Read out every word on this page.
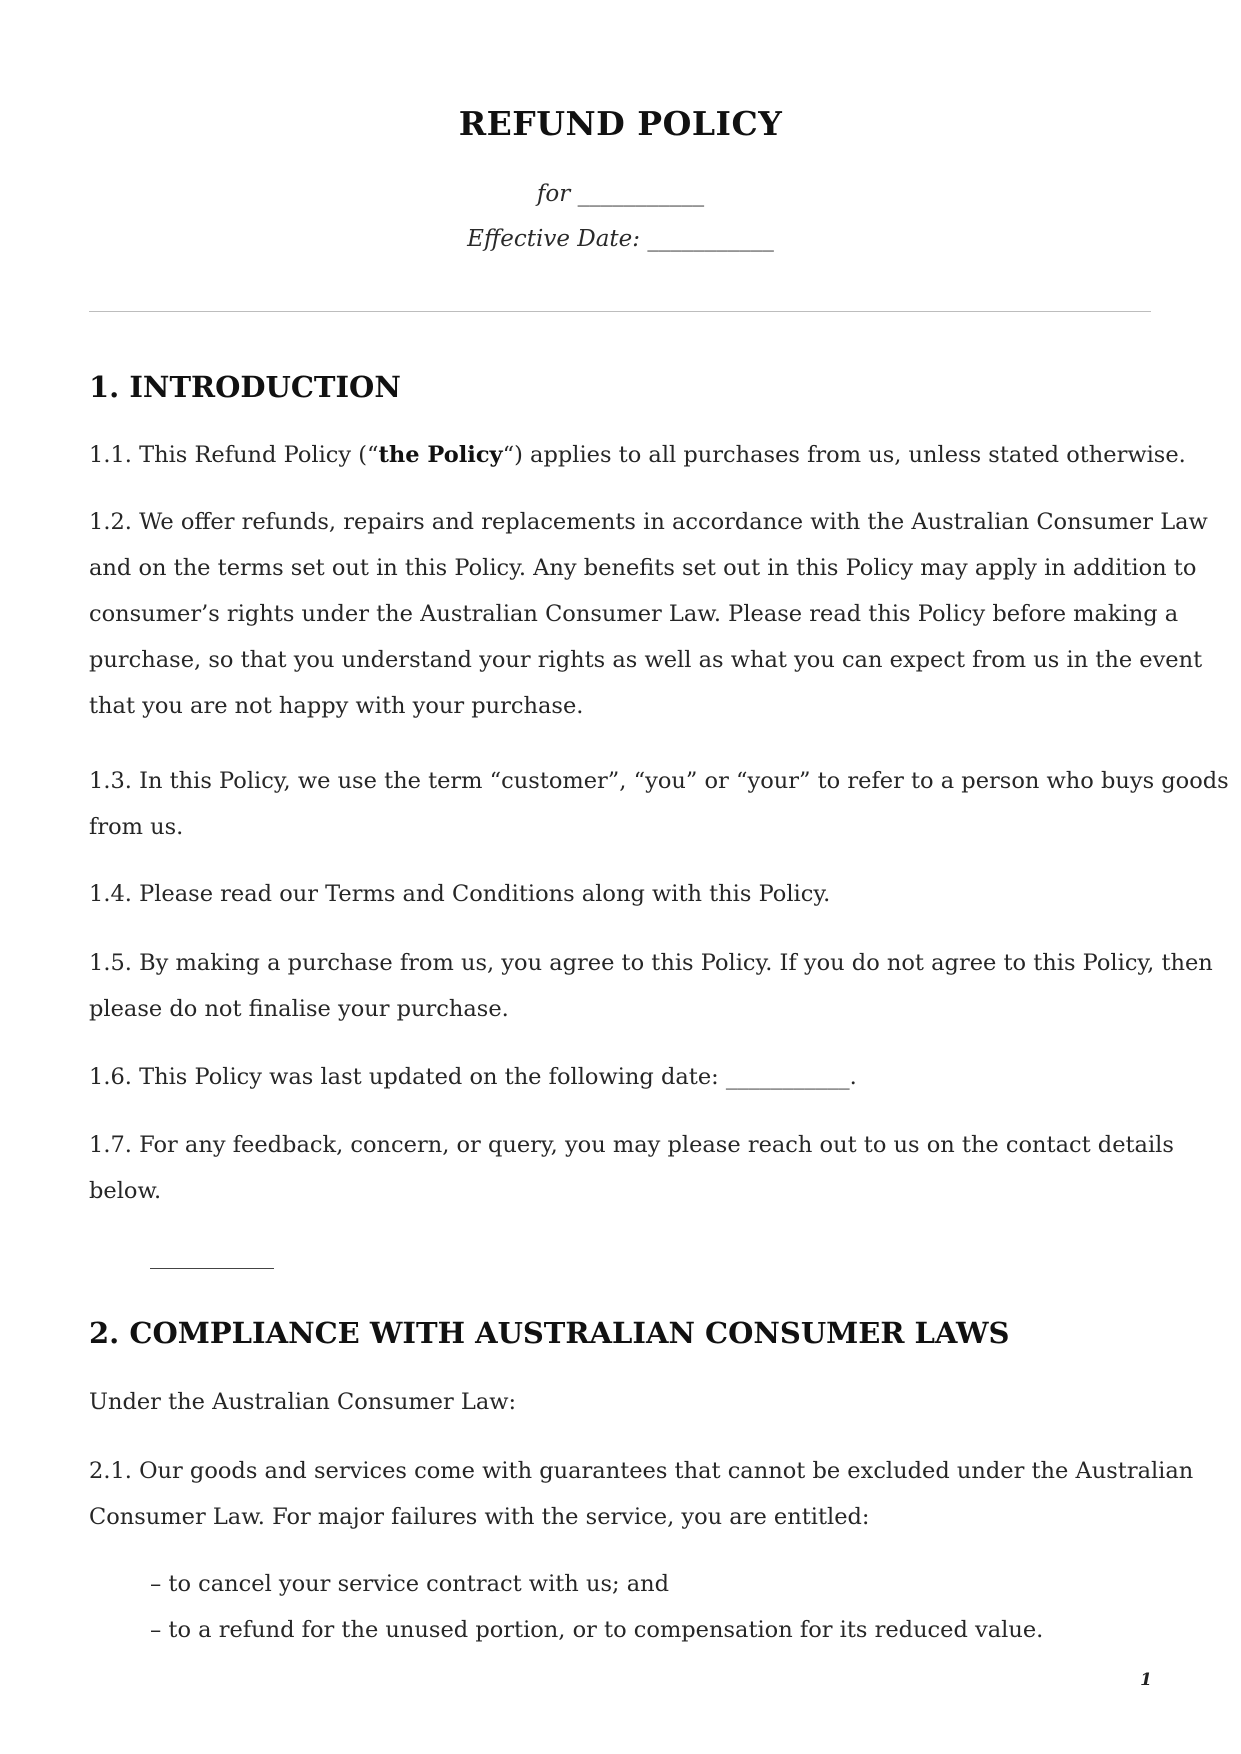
REFUND POLICY
for ___________
Effective Date: ___________
1. INTRODUCTION
1.1. This Refund Policy (“the Policy“) applies to all purchases from us, unless stated otherwise.
1.2. We offer refunds, repairs and replacements in accordance with the Australian Consumer Law
and on the terms set out in this Policy. Any benefits set out in this Policy may apply in addition to
consumer’s rights under the Australian Consumer Law. Please read this Policy before making a
purchase, so that you understand your rights as well as what you can expect from us in the event
that you are not happy with your purchase.
1.3. In this Policy, we use the term “customer”, “you” or “your” to refer to a person who buys goods
from us.
1.4. Please read our Terms and Conditions along with this Policy.
1.5. By making a purchase from us, you agree to this Policy. If you do not agree to this Policy, then
please do not finalise your purchase.
1.6. This Policy was last updated on the following date: ___________.
1.7. For any feedback, concern, or query, you may please reach out to us on the contact details
below.
2. COMPLIANCE WITH AUSTRALIAN CONSUMER LAWS
Under the Australian Consumer Law:
2.1. Our goods and services come with guarantees that cannot be excluded under the Australian
Consumer Law. For major failures with the service, you are entitled:
– to cancel your service contract with us; and
– to a refund for the unused portion, or to compensation for its reduced value.
1
